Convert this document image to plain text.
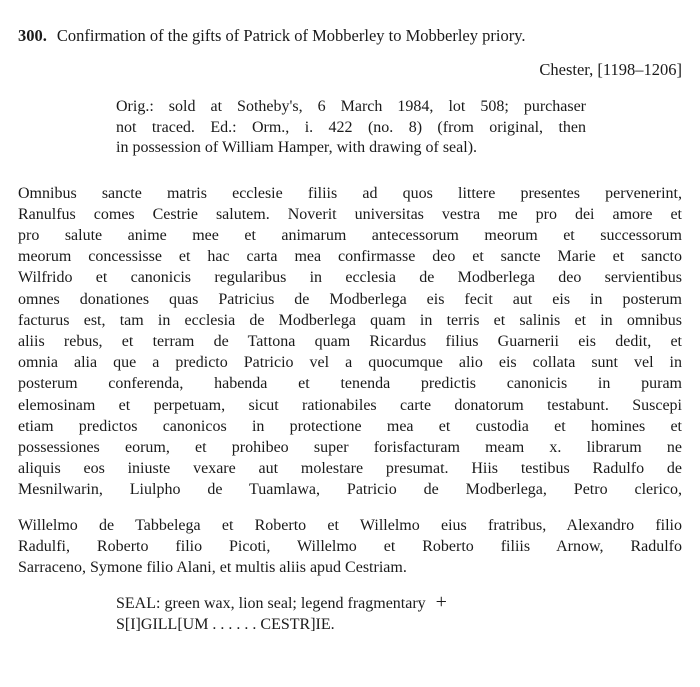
300. Confirmation of the gifts of Patrick of Mobberley to Mobberley priory.
Chester, [1198–1206]
Orig.: sold at Sotheby's, 6 March 1984, lot 508; purchaser
not traced. Ed.: Orm., i. 422 (no. 8) (from original, then
in possession of William Hamper, with drawing of seal).
Omnibus sancte matris ecclesie filiis ad quos littere presentes pervenerint,
Ranulfus comes Cestrie salutem. Noverit universitas vestra me pro dei amore et
pro salute anime mee et animarum antecessorum meorum et successorum
meorum concessisse et hac carta mea confirmasse deo et sancte Marie et sancto
Wilfrido et canonicis regularibus in ecclesia de Modberlega deo servientibus
omnes donationes quas Patricius de Modberlega eis fecit aut eis in posterum
facturus est, tam in ecclesia de Modberlega quam in terris et salinis et in omnibus
aliis rebus, et terram de Tattona quam Ricardus filius Guarnerii eis dedit, et
omnia alia que a predicto Patricio vel a quocumque alio eis collata sunt vel in
posterum conferenda, habenda et tenenda predictis canonicis in puram
elemosinam et perpetuam, sicut rationabiles carte donatorum testabunt. Suscepi
etiam predictos canonicos in protectione mea et custodia et homines et
possessiones eorum, et prohibeo super forisfacturam meam x. librarum ne
aliquis eos iniuste vexare aut molestare presumat. Hiis testibus Radulfo de
Mesnilwarin, Liulpho de Tuamlawa, Patricio de Modberlega, Petro clerico,
Willelmo de Tabbelega et Roberto et Willelmo eius fratribus, Alexandro filio
Radulfi, Roberto filio Picoti, Willelmo et Roberto filiis Arnow, Radulfo
Sarraceno, Symone filio Alani, et multis aliis apud Cestriam.
SEAL: green wax, lion seal; legend fragmentary +
S[I]GILL[UM . . . . . . CESTR]IE.
